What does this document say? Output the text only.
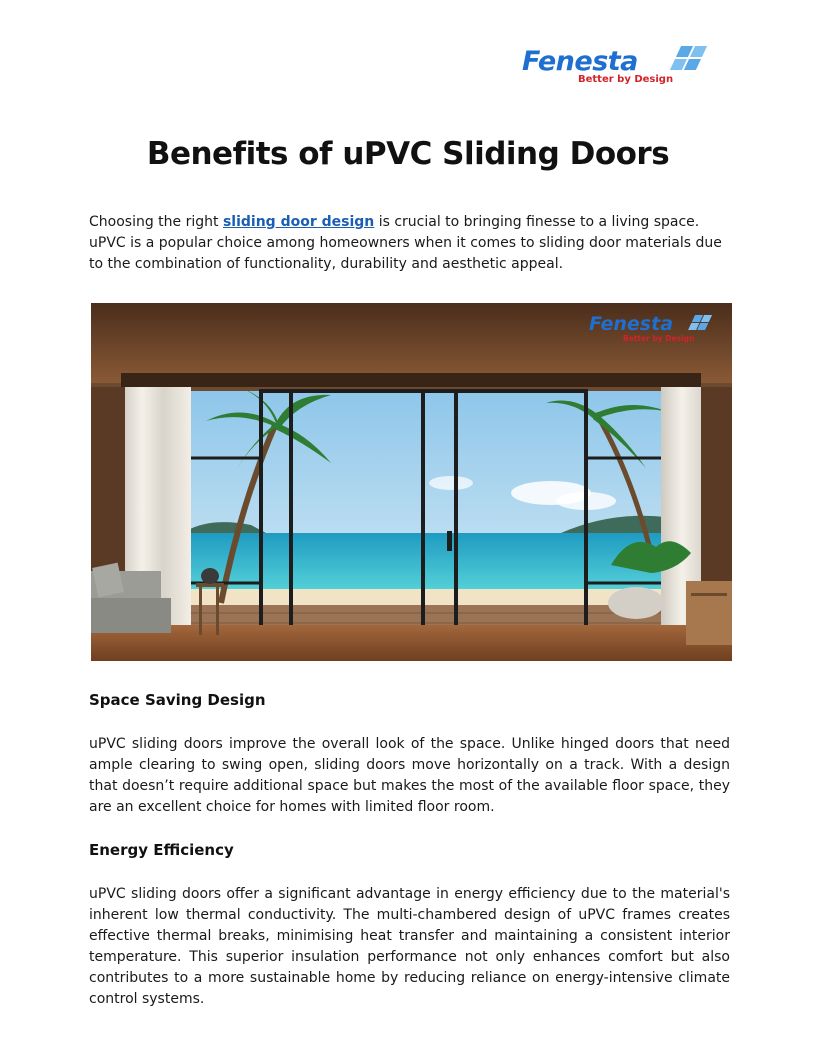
Fenesta
Better by Design
Benefits of uPVC Sliding Doors

Choosing the right sliding door design is crucial to bringing finesse to a living space. uPVC is a popular choice among homeowners when it comes to sliding door materials due to the combination of functionality, durability and aesthetic appeal.

Fenesta
Better by Design
Space Saving Design

uPVC sliding doors improve the overall look of the space. Unlike hinged doors that need ample clearing to swing open, sliding doors move horizontally on a track. With a design that doesn’t require additional space but makes the most of the available floor space, they are an excellent choice for homes with limited floor room.

Energy Efficiency

uPVC sliding doors offer a significant advantage in energy efficiency due to the material's inherent low thermal conductivity. The multi-chambered design of uPVC frames creates effective thermal breaks, minimising heat transfer and maintaining a consistent interior temperature. This superior insulation performance not only enhances comfort but also contributes to a more sustainable home by reducing reliance on energy-intensive climate control systems.
